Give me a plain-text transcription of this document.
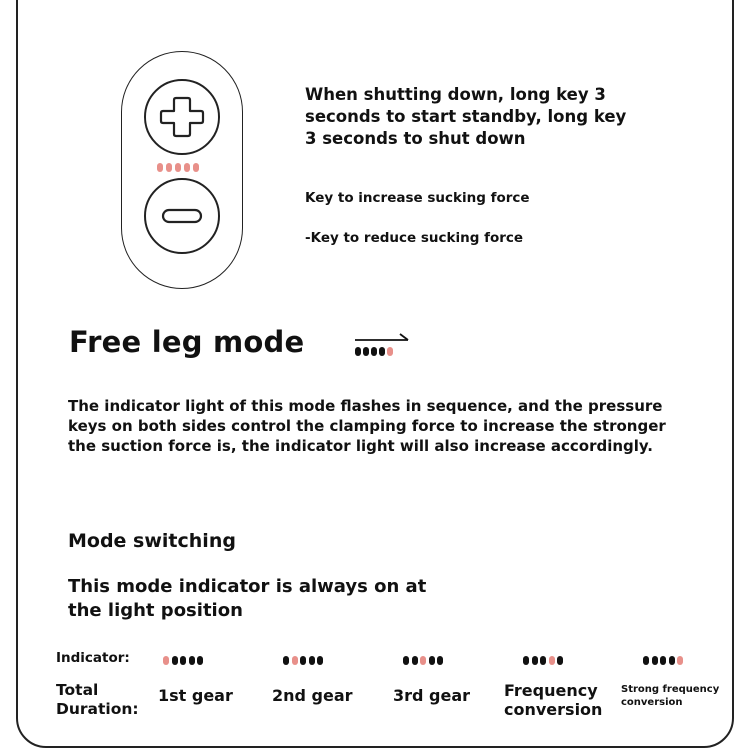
When shutting down, long key 3 seconds to start standby, long key 3 seconds to shut down

Key to increase sucking force

-Key to reduce sucking force

Free leg mode

The indicator light of this mode flashes in sequence, and the pressure keys on both sides control the clamping force to increase the stronger the suction force is, the indicator light will also increase accordingly.

Mode switching

This mode indicator is always on at the light position

Indicator:
Total Duration:
1st gear 2nd gear	3rd gear Frequency conversion
Strong frequency conversion
